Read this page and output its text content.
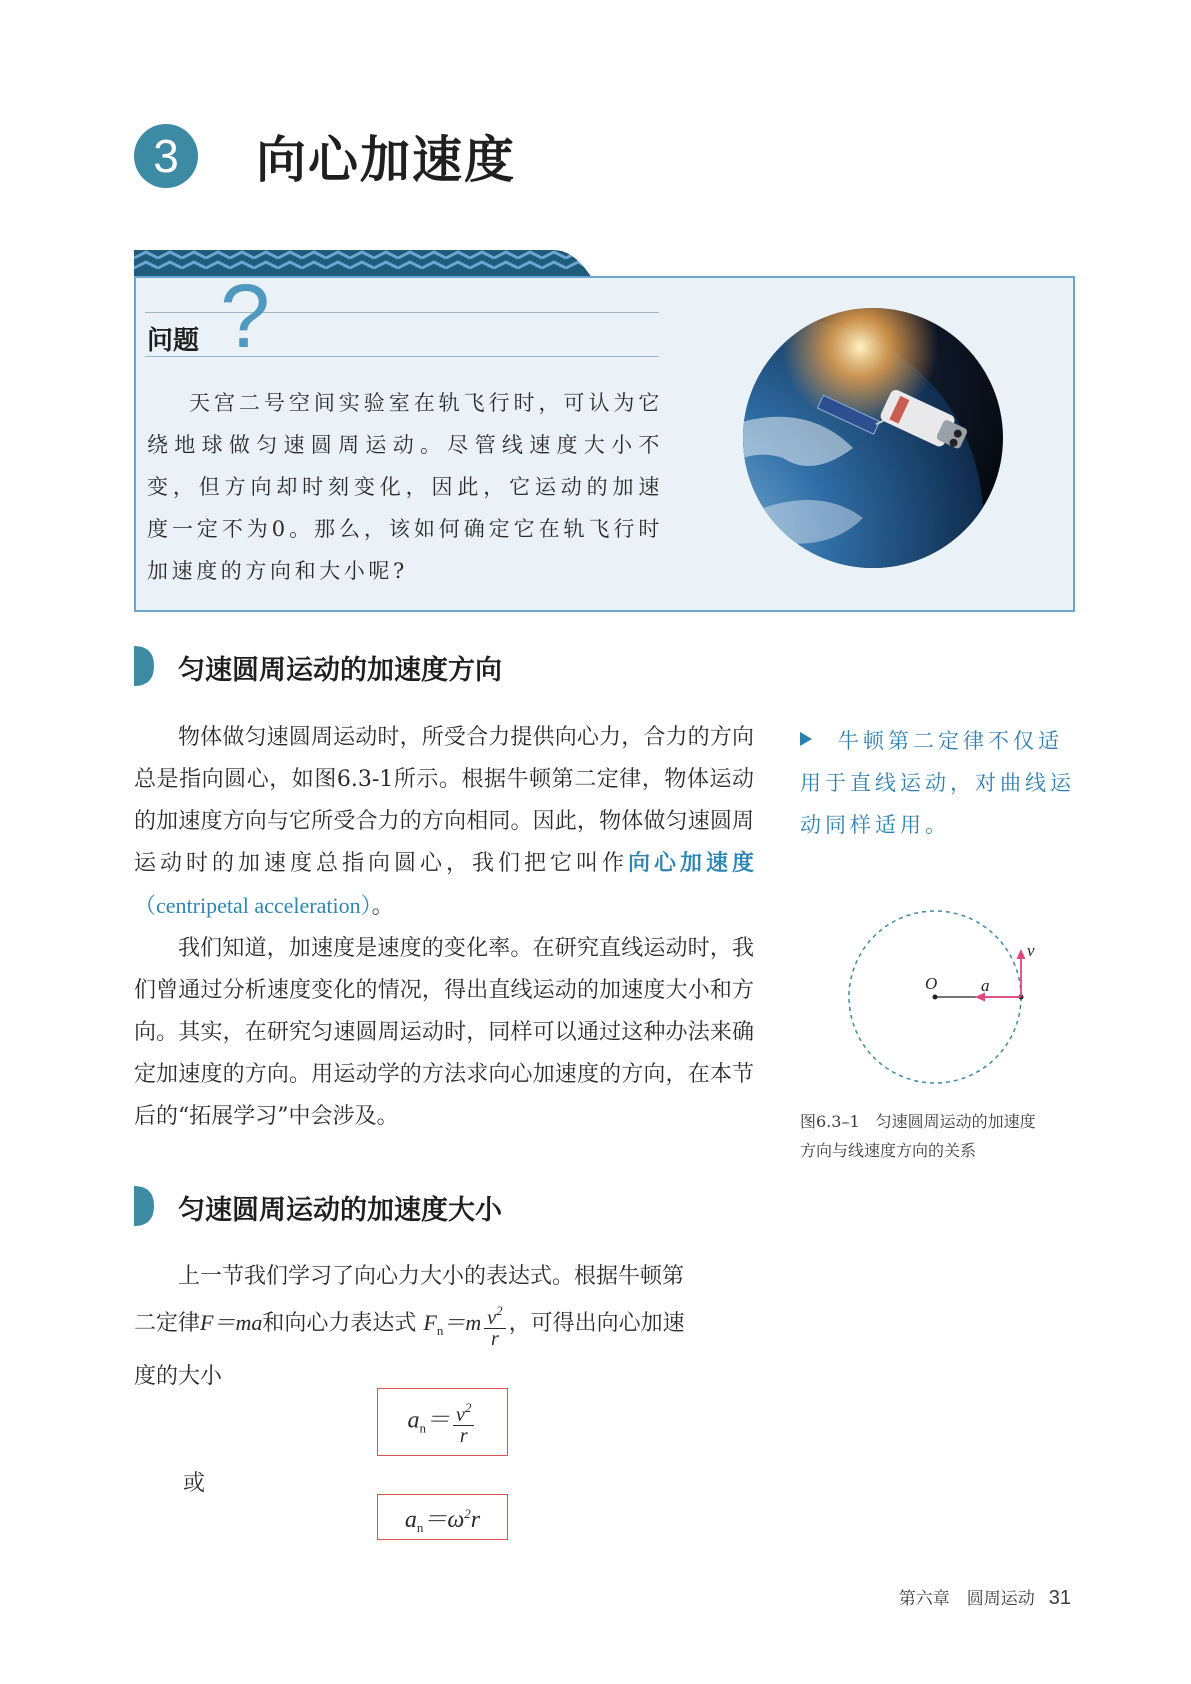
3	向心加速度
问题 ?

天宫二号空间实验室在轨飞行时，可认为它绕地球做匀速圆周运动。尽管线速度大小不变，但方向却时刻变化，因此，它运动的加速度一定不为0。那么，该如何确定它在轨飞行时加速度的方向和大小呢?

匀速圆周运动的加速度方向

物体做匀速圆周运动时，所受合力提供向心力，合力的方向总是指向圆心，如图6.3-1所示。根据牛顿第二定律，物体运动的加速度方向与它所受合力的方向相同。因此，物体做匀速圆周运动时的加速度总指向圆心，我们把它叫作向心加速度（centripetal acceleration）。

我们知道，加速度是速度的变化率。在研究直线运动时，我们曾通过分析速度变化的情况，得出直线运动的加速度大小和方向。其实，在研究匀速圆周运动时，同样可以通过这种办法来确定加速度的方向。用运动学的方法求向心加速度的方向，在本节后的“拓展学习”中会涉及。

牛顿第二定律不仅适用于直线运动，对曲线运动同样适用。

O	a
v
图6.3–1　匀速圆周运动的加速度
方向与线速度方向的关系
匀速圆周运动的加速度大小

上一节我们学习了向心力大小的表达式。根据牛顿第

二定律F＝ma和向心力表达式 $F_n=m \frac{v^2}{r}$ ，可得出向心加速

度的大小

$a_n= \frac{v^2}{r}$
或
$a_n=\omega^2r$
第六章　圆周运动 31
